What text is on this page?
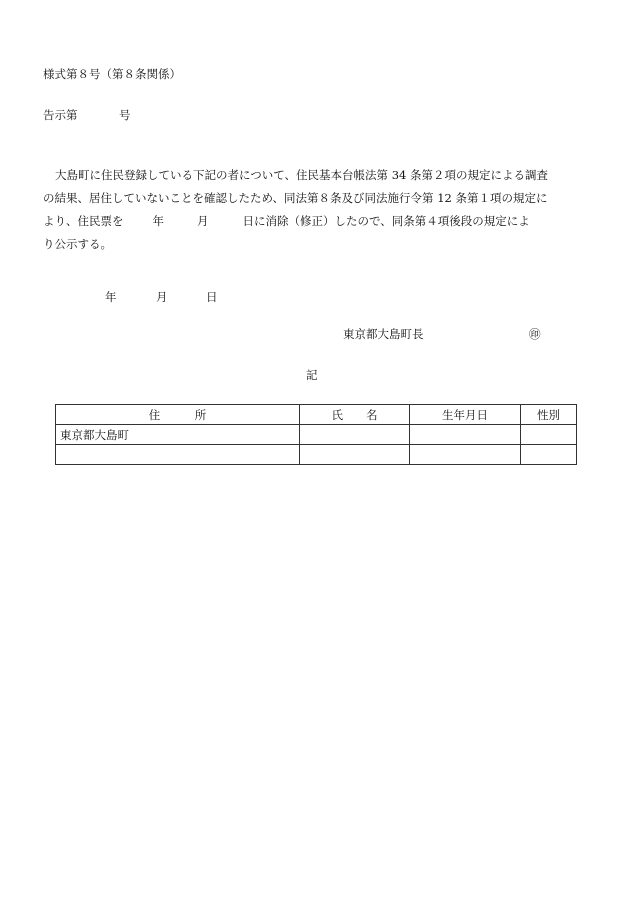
様式第８号（第８条関係）
告示第	号
大島町に住民登録している下記の者について、住民基本台帳法第 34 条第２項の規定による調査
の結果、居住していないことを確認したため、同法第８条及び同法施行令第 12 条第１項の規定に
より、住民票を	年	月	日に消除（修正）したので、同条第４項後段の規定によ
り公示する。
年	月	日
東京都大島町長	㊞
記
住　　　所	氏　　名	生年月日	性別
東京都大島町			
